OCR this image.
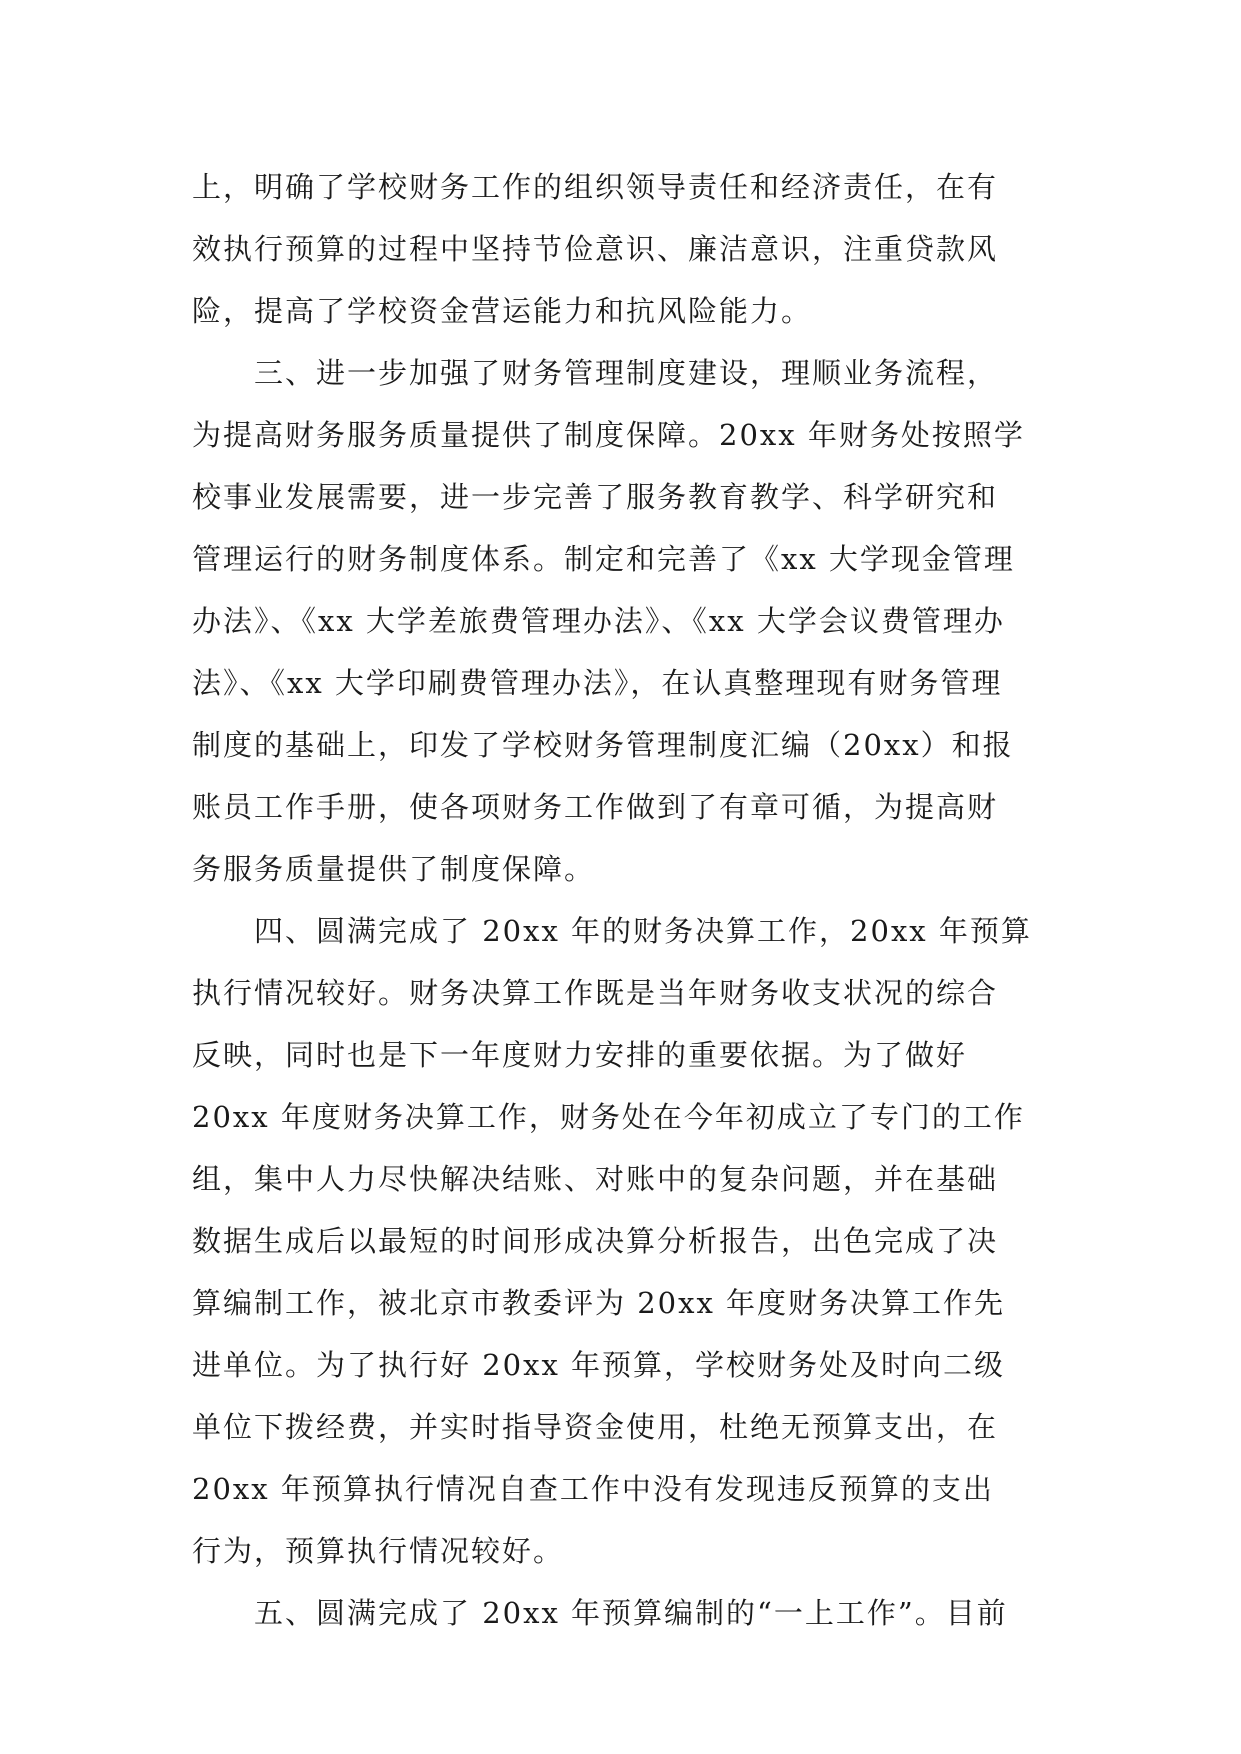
上，明确了学校财务工作的组织领导责任和经济责任，在有
效执行预算的过程中坚持节俭意识、廉洁意识，注重贷款风
险，提高了学校资金营运能力和抗风险能力。
　　三、进一步加强了财务管理制度建设，理顺业务流程，
为提高财务服务质量提供了制度保障。20xx 年财务处按照学
校事业发展需要，进一步完善了服务教育教学、科学研究和
管理运行的财务制度体系。制定和完善了《xx 大学现金管理
办法》、《xx 大学差旅费管理办法》、《xx 大学会议费管理办
法》、《xx 大学印刷费管理办法》，在认真整理现有财务管理
制度的基础上，印发了学校财务管理制度汇编（20xx）和报
账员工作手册，使各项财务工作做到了有章可循，为提高财
务服务质量提供了制度保障。
　　四、圆满完成了 20xx 年的财务决算工作，20xx 年预算
执行情况较好。财务决算工作既是当年财务收支状况的综合
反映，同时也是下一年度财力安排的重要依据。为了做好
20xx 年度财务决算工作，财务处在今年初成立了专门的工作
组，集中人力尽快解决结账、对账中的复杂问题，并在基础
数据生成后以最短的时间形成决算分析报告，出色完成了决
算编制工作，被北京市教委评为 20xx 年度财务决算工作先
进单位。为了执行好 20xx 年预算，学校财务处及时向二级
单位下拨经费，并实时指导资金使用，杜绝无预算支出，在
20xx 年预算执行情况自查工作中没有发现违反预算的支出
行为，预算执行情况较好。
　　五、圆满完成了 20xx 年预算编制的“一上工作”。目前
